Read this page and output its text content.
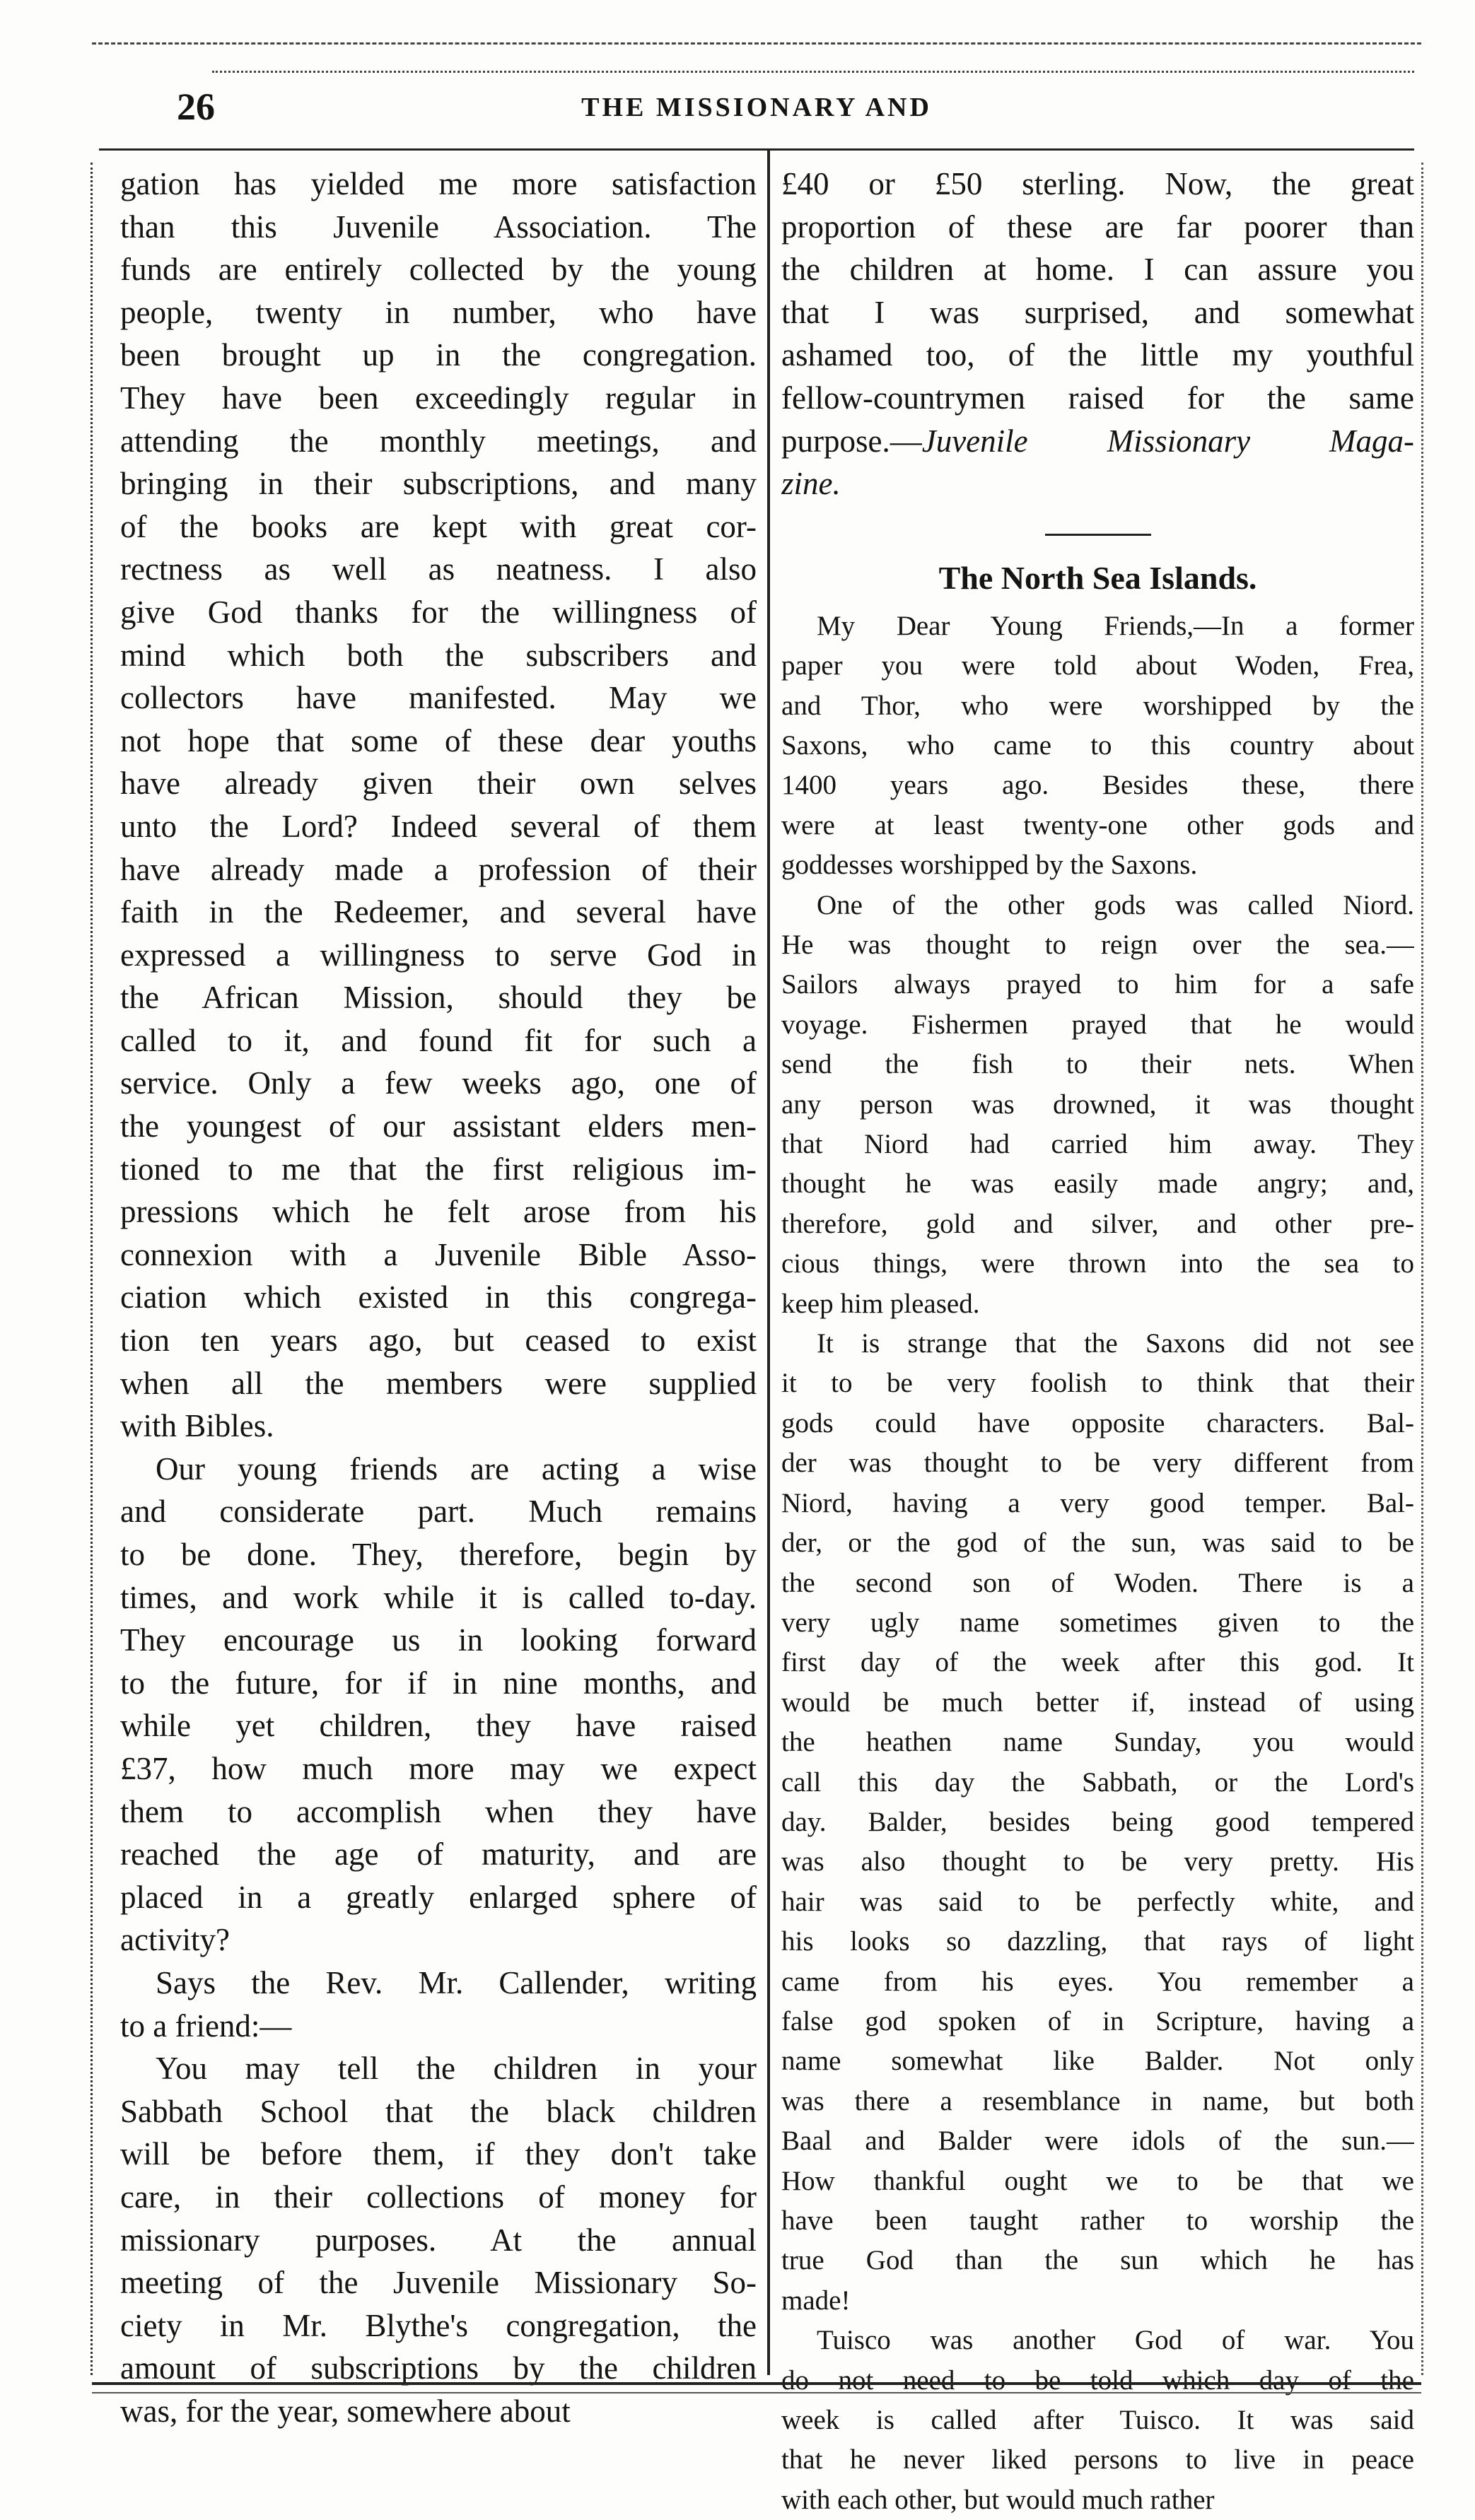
26	THE MISSIONARY AND
gation has yielded me more satisfaction
than this Juvenile Association. The
funds are entirely collected by the young
people, twenty in number, who have
been brought up in the congregation.
They have been exceedingly regular in
attending the monthly meetings, and
bringing in their subscriptions, and many
of the books are kept with great cor-
rectness as well as neatness. I also
give God thanks for the willingness of
mind which both the subscribers and
collectors have manifested. May we
not hope that some of these dear youths
have already given their own selves
unto the Lord? Indeed several of them
have already made a profession of their
faith in the Redeemer, and several have
expressed a willingness to serve God in
the African Mission, should they be
called to it, and found fit for such a
service. Only a few weeks ago, one of
the youngest of our assistant elders men-
tioned to me that the first religious im-
pressions which he felt arose from his
connexion with a Juvenile Bible Asso-
ciation which existed in this congrega-
tion ten years ago, but ceased to exist
when all the members were supplied
with Bibles.
Our young friends are acting a wise
and considerate part. Much remains
to be done. They, therefore, begin by
times, and work while it is called to-day.
They encourage us in looking forward
to the future, for if in nine months, and
while yet children, they have raised
£37, how much more may we expect
them to accomplish when they have
reached the age of maturity, and are
placed in a greatly enlarged sphere of
activity?
Says the Rev. Mr. Callender, writing
to a friend:—
You may tell the children in your
Sabbath School that the black children
will be before them, if they don't take
care, in their collections of money for
missionary purposes. At the annual
meeting of the Juvenile Missionary So-
ciety in Mr. Blythe's congregation, the
amount of subscriptions by the children
was, for the year, somewhere about
£40 or £50 sterling. Now, the great
proportion of these are far poorer than
the children at home. I can assure you
that I was surprised, and somewhat
ashamed too, of the little my youthful
fellow-countrymen raised for the same
purpose.—Juvenile Missionary Maga-
zine.
The North Sea Islands.
My Dear Young Friends,—In a former
paper you were told about Woden, Frea,
and Thor, who were worshipped by the
Saxons, who came to this country about
1400 years ago. Besides these, there
were at least twenty-one other gods and
goddesses worshipped by the Saxons.
One of the other gods was called Niord.
He was thought to reign over the sea.—
Sailors always prayed to him for a safe
voyage. Fishermen prayed that he would
send the fish to their nets. When
any person was drowned, it was thought
that Niord had carried him away. They
thought he was easily made angry; and,
therefore, gold and silver, and other pre-
cious things, were thrown into the sea to
keep him pleased.
It is strange that the Saxons did not see
it to be very foolish to think that their
gods could have opposite characters. Bal-
der was thought to be very different from
Niord, having a very good temper. Bal-
der, or the god of the sun, was said to be
the second son of Woden. There is a
very ugly name sometimes given to the
first day of the week after this god. It
would be much better if, instead of using
the heathen name Sunday, you would
call this day the Sabbath, or the Lord's
day. Balder, besides being good tempered
was also thought to be very pretty. His
hair was said to be perfectly white, and
his looks so dazzling, that rays of light
came from his eyes. You remember a
false god spoken of in Scripture, having a
name somewhat like Balder. Not only
was there a resemblance in name, but both
Baal and Balder were idols of the sun.—
How thankful ought we to be that we
have been taught rather to worship the
true God than the sun which he has
made!
Tuisco was another God of war. You
do not need to be told which day of the
week is called after Tuisco. It was said
that he never liked persons to live in peace
with each other, but would much rather
